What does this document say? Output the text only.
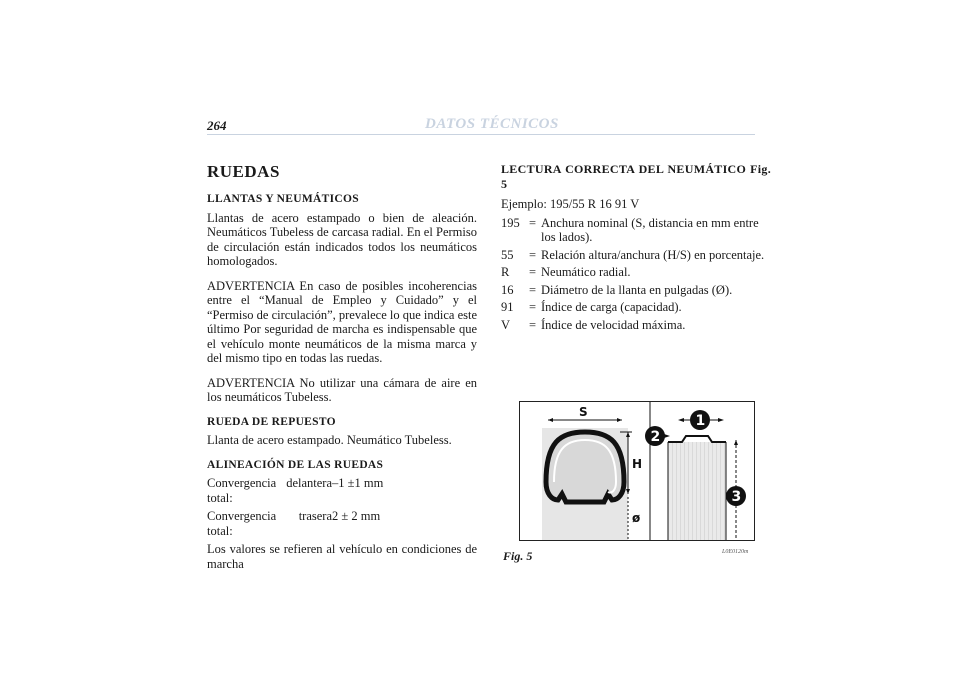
264	DATOS TÉCNICOS
RUEDAS
LLANTAS Y NEUMÁTICOS

Llantas de acero estampado o bien de aleación. Neumáticos Tubeless de carcasa radial. En el Permiso de circulación están indicados todos los neumáticos homologados.

ADVERTENCIA En caso de posibles incoherencias entre el “Manual de Empleo y Cuidado” y el “Permiso de circulación”, prevalece lo que indica este último Por seguridad de marcha es indispensable que el vehículo monte neumáticos de la misma marca y del mismo tipo en todas las ruedas.

ADVERTENCIA No utilizar una cámara de aire en los neumáticos Tubeless.

RUEDA DE REPUESTO

Llanta de acero estampado. Neumático Tubeless.

ALINEACIÓN DE LAS RUEDAS
Convergencia delantera total:
–1 ±1 mm
Convergencia trasera total:
2 ± 2 mm

Los valores se refieren al vehículo en condiciones de marcha

LECTURA CORRECTA DEL NEUMÁTICO Fig. 5
Ejemplo: 195/55 R 16 91 V
195 = Anchura nominal (S, distancia en mm entre los lados).
55	= Relación altura/anchura (H/S) en porcentaje.
R	= Neumático radial.
16	= Diámetro de la llanta en pulgadas (Ø).
91	= Índice de carga (capacidad).
V	= Índice de velocidad máxima.
S
H
ø
1
2
3
Fig. 5	L0E0120m
